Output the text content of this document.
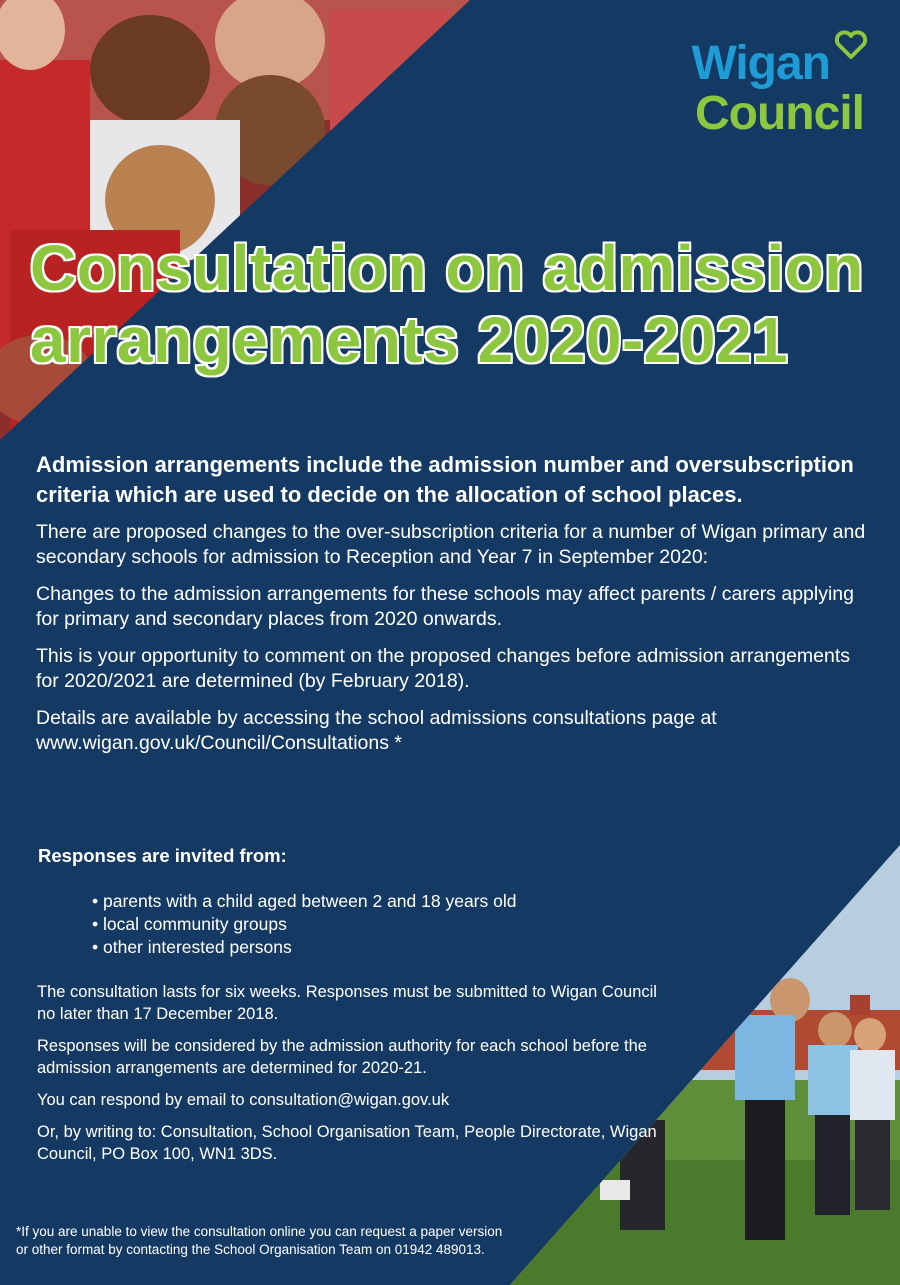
Wigan
Council
Consultation on admission
arrangements 2020-2021

Admission arrangements include the admission number and oversubscription criteria which are used to decide on the allocation of school places.

There are proposed changes to the over-subscription criteria for a number of Wigan primary and secondary schools for admission to Reception and Year 7 in September 2020:

Changes to the admission arrangements for these schools may affect parents / carers applying for primary and secondary places from 2020 onwards.

This is your opportunity to comment on the proposed changes before admission arrangements for 2020/2021 are determined (by February 2018).

Details are available by accessing the school admissions consultations page at www.wigan.gov.uk/Council/Consultations *

Responses are invited from:
• parents with a child aged between 2 and 18 years old
• local community groups
• other interested persons

The consultation lasts for six weeks. Responses must be submitted to Wigan Council no later than 17 December 2018.

Responses will be considered by the admission authority for each school before the admission arrangements are determined for 2020-21.

You can respond by email to consultation@wigan.gov.uk

Or, by writing to: Consultation, School Organisation Team, People Directorate, Wigan Council, PO Box 100, WN1 3DS.

*If you are unable to view the consultation online you can request a paper version or other format by contacting the School Organisation Team on 01942 489013.
